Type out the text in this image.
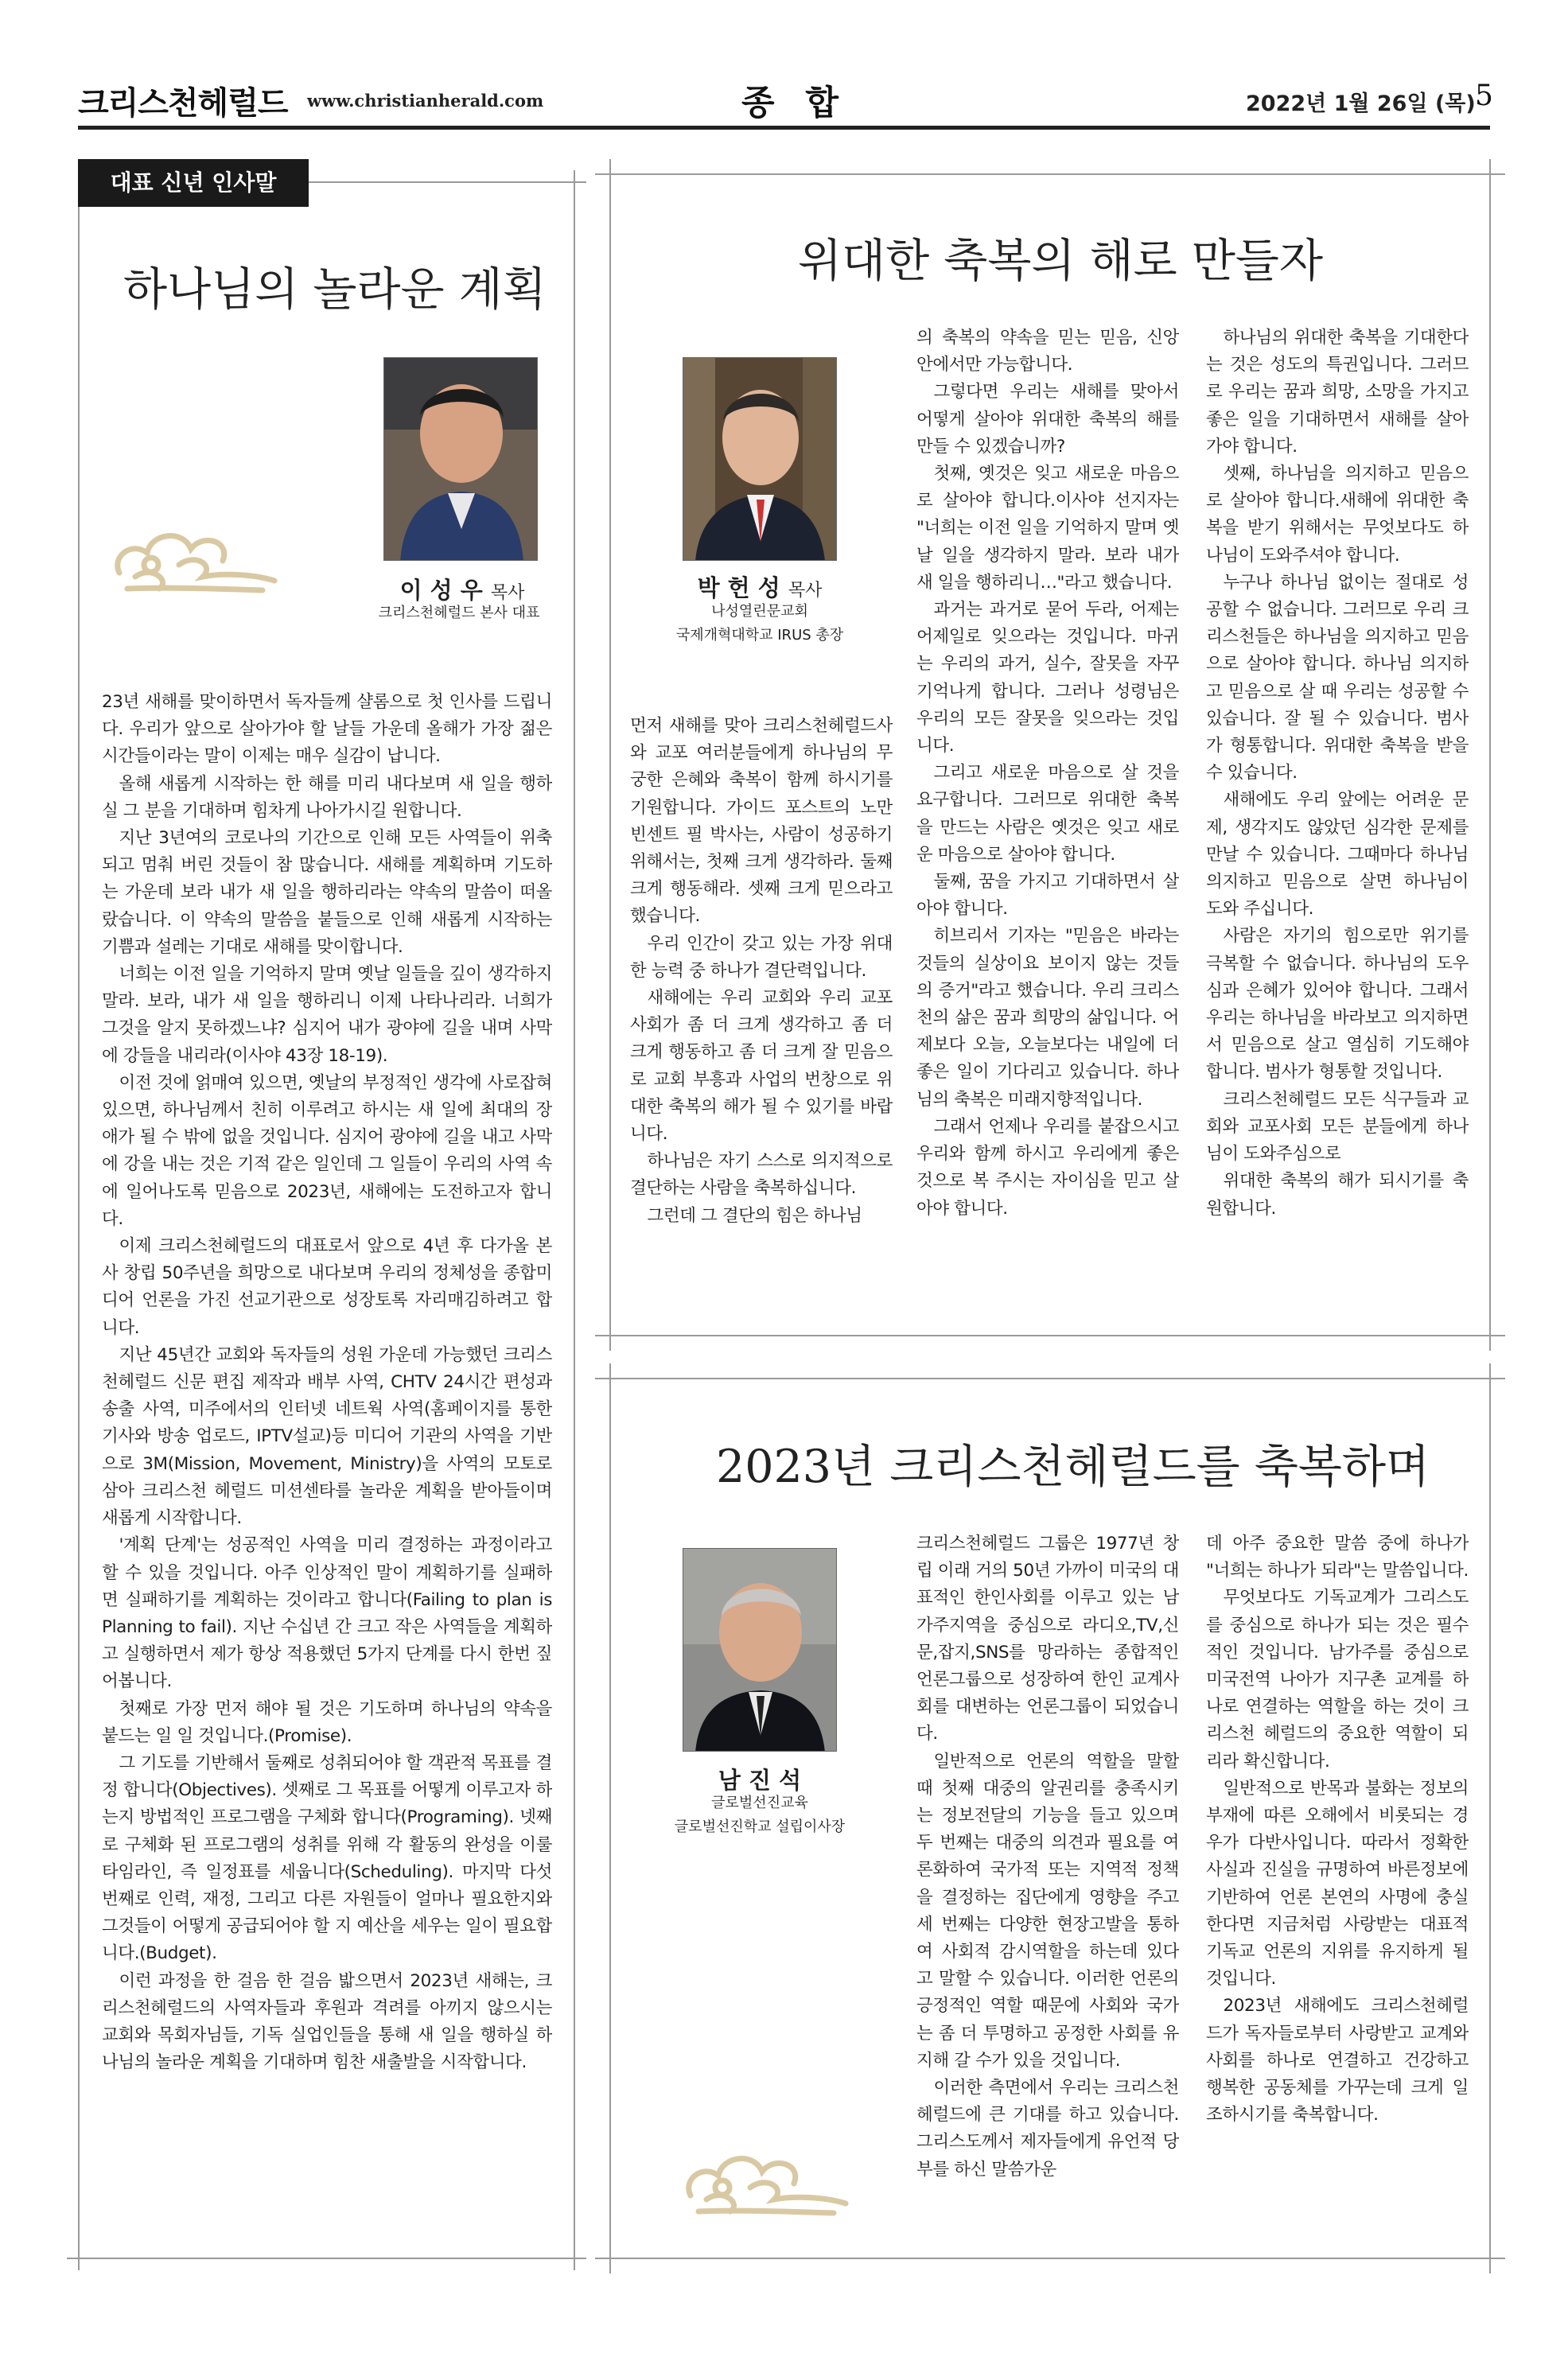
크리스천헤럴드 www.christianherald.com	종 합	2022년 1월 26일 (목) 5
대표 신년 인사말
하나님의 놀라운 계획
이 성 우 목사
크리스천헤럴드 본사 대표

23년 새해를 맞이하면서 독자들께 샬롬으로 첫 인사를 드립니다. 우리가 앞으로 살아가야 할 날들 가운데 올해가 가장 젊은 시간들이라는 말이 이제는 매우 실감이 납니다.

올해 새롭게 시작하는 한 해를 미리 내다보며 새 일을 행하실 그 분을 기대하며 힘차게 나아가시길 원합니다.

지난 3년여의 코로나의 기간으로 인해 모든 사역들이 위축되고 멈춰 버린 것들이 참 많습니다. 새해를 계획하며 기도하는 가운데 보라 내가 새 일을 행하리라는 약속의 말씀이 떠올랐습니다. 이 약속의 말씀을 붙들으로 인해 새롭게 시작하는 기쁨과 설레는 기대로 새해를 맞이합니다.

너희는 이전 일을 기억하지 말며 옛날 일들을 깊이 생각하지 말라. 보라, 내가 새 일을 행하리니 이제 나타나리라. 너희가 그것을 알지 못하겠느냐? 심지어 내가 광야에 길을 내며 사막에 강들을 내리라(이사야 43장 18-19).

이전 것에 얽매여 있으면, 옛날의 부정적인 생각에 사로잡혀 있으면, 하나님께서 친히 이루려고 하시는 새 일에 최대의 장애가 될 수 밖에 없을 것입니다. 심지어 광야에 길을 내고 사막에 강을 내는 것은 기적 같은 일인데 그 일들이 우리의 사역 속에 일어나도록 믿음으로 2023년, 새해에는 도전하고자 합니다.

이제 크리스천헤럴드의 대표로서 앞으로 4년 후 다가올 본사 창립 50주년을 희망으로 내다보며 우리의 정체성을 종합미디어 언론을 가진 선교기관으로 성장토록 자리매김하려고 합니다.

지난 45년간 교회와 독자들의 성원 가운데 가능했던 크리스천헤럴드 신문 편집 제작과 배부 사역, CHTV 24시간 편성과 송출 사역, 미주에서의 인터넷 네트웍 사역(홈페이지를 통한 기사와 방송 업로드, IPTV설교)등 미디어 기관의 사역을 기반으로 3M(Mission, Movement, Ministry)을 사역의 모토로 삼아 크리스천 헤럴드 미션센타를 놀라운 계획을 받아들이며 새롭게 시작합니다.

'계획 단계'는 성공적인 사역을 미리 결정하는 과정이라고 할 수 있을 것입니다. 아주 인상적인 말이 계획하기를 실패하면 실패하기를 계획하는 것이라고 합니다(Failing to plan is Planning to fail). 지난 수십년 간 크고 작은 사역들을 계획하고 실행하면서 제가 항상 적용했던 5가지 단계를 다시 한번 짚어봅니다.

첫째로 가장 먼저 해야 될 것은 기도하며 하나님의 약속을 붙드는 일 일 것입니다.(Promise).

그 기도를 기반해서 둘째로 성취되어야 할 객관적 목표를 결정 합니다(Objectives). 셋째로 그 목표를 어떻게 이루고자 하는지 방법적인 프로그램을 구체화 합니다(Programing). 넷째로 구체화 된 프로그램의 성취를 위해 각 활동의 완성을 이룰 타임라인, 즉 일정표를 세웁니다(Scheduling). 마지막 다섯 번째로 인력, 재정, 그리고 다른 자원들이 얼마나 필요한지와 그것들이 어떻게 공급되어야 할 지 예산을 세우는 일이 필요합니다.(Budget).

이런 과정을 한 걸음 한 걸음 밟으면서 2023년 새해는, 크리스천헤럴드의 사역자들과 후원과 격려를 아끼지 않으시는 교회와 목회자님들, 기독 실업인들을 통해 새 일을 행하실 하나님의 놀라운 계획을 기대하며 힘찬 새출발을 시작합니다.

위대한 축복의 해로 만들자
박 헌 성 목사
나성열린문교회
국제개혁대학교 IRUS 총장

먼저 새해를 맞아 크리스천헤럴드사와 교포 여러분들에게 하나님의 무궁한 은혜와 축복이 함께 하시기를 기원합니다. 가이드 포스트의 노만 빈센트 필 박사는, 사람이 성공하기 위해서는, 첫째 크게 생각하라. 둘째 크게 행동해라. 셋째 크게 믿으라고 했습니다.

우리 인간이 갖고 있는 가장 위대한 능력 중 하나가 결단력입니다.

새해에는 우리 교회와 우리 교포사회가 좀 더 크게 생각하고 좀 더 크게 행동하고 좀 더 크게 잘 믿음으로 교회 부흥과 사업의 번창으로 위대한 축복의 해가 될 수 있기를 바랍니다.

하나님은 자기 스스로 의지적으로 결단하는 사람을 축복하십니다.

그런데 그 결단의 힘은 하나님

의 축복의 약속을 믿는 믿음, 신앙 안에서만 가능합니다.

그렇다면 우리는 새해를 맞아서 어떻게 살아야 위대한 축복의 해를 만들 수 있겠습니까?

첫째, 옛것은 잊고 새로운 마음으로 살아야 합니다.이사야 선지자는 "너희는 이전 일을 기억하지 말며 옛날 일을 생각하지 말라. 보라 내가 새 일을 행하리니…"라고 했습니다.

과거는 과거로 묻어 두라, 어제는 어제일로 잊으라는 것입니다. 마귀는 우리의 과거, 실수, 잘못을 자꾸 기억나게 합니다. 그러나 성령님은 우리의 모든 잘못을 잊으라는 것입니다.

그리고 새로운 마음으로 살 것을 요구합니다. 그러므로 위대한 축복을 만드는 사람은 옛것은 잊고 새로운 마음으로 살아야 합니다.

둘째, 꿈을 가지고 기대하면서 살아야 합니다.

히브리서 기자는 "믿음은 바라는 것들의 실상이요 보이지 않는 것들의 증거"라고 했습니다. 우리 크리스천의 삶은 꿈과 희망의 삶입니다. 어제보다 오늘, 오늘보다는 내일에 더 좋은 일이 기다리고 있습니다. 하나님의 축복은 미래지향적입니다.

그래서 언제나 우리를 붙잡으시고 우리와 함께 하시고 우리에게 좋은 것으로 복 주시는 자이심을 믿고 살아야 합니다.

하나님의 위대한 축복을 기대한다는 것은 성도의 특권입니다. 그러므로 우리는 꿈과 희망, 소망을 가지고 좋은 일을 기대하면서 새해를 살아가야 합니다.

셋째, 하나님을 의지하고 믿음으로 살아야 합니다.새해에 위대한 축복을 받기 위해서는 무엇보다도 하나님이 도와주셔야 합니다.

누구나 하나님 없이는 절대로 성공할 수 없습니다. 그러므로 우리 크리스천들은 하나님을 의지하고 믿음으로 살아야 합니다. 하나님 의지하고 믿음으로 살 때 우리는 성공할 수 있습니다. 잘 될 수 있습니다. 범사가 형통합니다. 위대한 축복을 받을 수 있습니다.

새해에도 우리 앞에는 어려운 문제, 생각지도 않았던 심각한 문제를 만날 수 있습니다. 그때마다 하나님 의지하고 믿음으로 살면 하나님이 도와 주십니다.

사람은 자기의 힘으로만 위기를 극복할 수 없습니다. 하나님의 도우심과 은혜가 있어야 합니다. 그래서 우리는 하나님을 바라보고 의지하면서 믿음으로 살고 열심히 기도해야 합니다. 범사가 형통할 것입니다.

크리스천헤럴드 모든 식구들과 교회와 교포사회 모든 분들에게 하나님이 도와주심으로

위대한 축복의 해가 되시기를 축원합니다.

2023년 크리스천헤럴드를 축복하며
남 진 석
글로벌선진교육
글로벌선진학교 설립이사장

크리스천헤럴드 그룹은 1977년 창립 이래 거의 50년 가까이 미국의 대표적인 한인사회를 이루고 있는 남가주지역을 중심으로 라디오,TV,신문,잡지,SNS를 망라하는 종합적인 언론그룹으로 성장하여 한인 교계사회를 대변하는 언론그룹이 되었습니다.

일반적으로 언론의 역할을 말할 때 첫째 대중의 알권리를 충족시키는 정보전달의 기능을 들고 있으며 두 번째는 대중의 의견과 필요를 여론화하여 국가적 또는 지역적 정책을 결정하는 집단에게 영향을 주고 세 번째는 다양한 현장고발을 통하여 사회적 감시역할을 하는데 있다고 말할 수 있습니다. 이러한 언론의 긍정적인 역할 때문에 사회와 국가는 좀 더 투명하고 공정한 사회를 유지해 갈 수가 있을 것입니다.

이러한 측면에서 우리는 크리스천헤럴드에 큰 기대를 하고 있습니다. 그리스도께서 제자들에게 유언적 당부를 하신 말씀가운

데 아주 중요한 말씀 중에 하나가 "너희는 하나가 되라"는 말씀입니다.

무엇보다도 기독교계가 그리스도를 중심으로 하나가 되는 것은 필수적인 것입니다. 남가주를 중심으로 미국전역 나아가 지구촌 교계를 하나로 연결하는 역할을 하는 것이 크리스천 헤럴드의 중요한 역할이 되리라 확신합니다.

일반적으로 반목과 불화는 정보의 부재에 따른 오해에서 비롯되는 경우가 다반사입니다. 따라서 정확한 사실과 진실을 규명하여 바른정보에 기반하여 언론 본연의 사명에 충실한다면 지금처럼 사랑받는 대표적 기독교 언론의 지위를 유지하게 될 것입니다.

2023년 새해에도 크리스천헤럴드가 독자들로부터 사랑받고 교계와 사회를 하나로 연결하고 건강하고 행복한 공동체를 가꾸는데 크게 일조하시기를 축복합니다.
